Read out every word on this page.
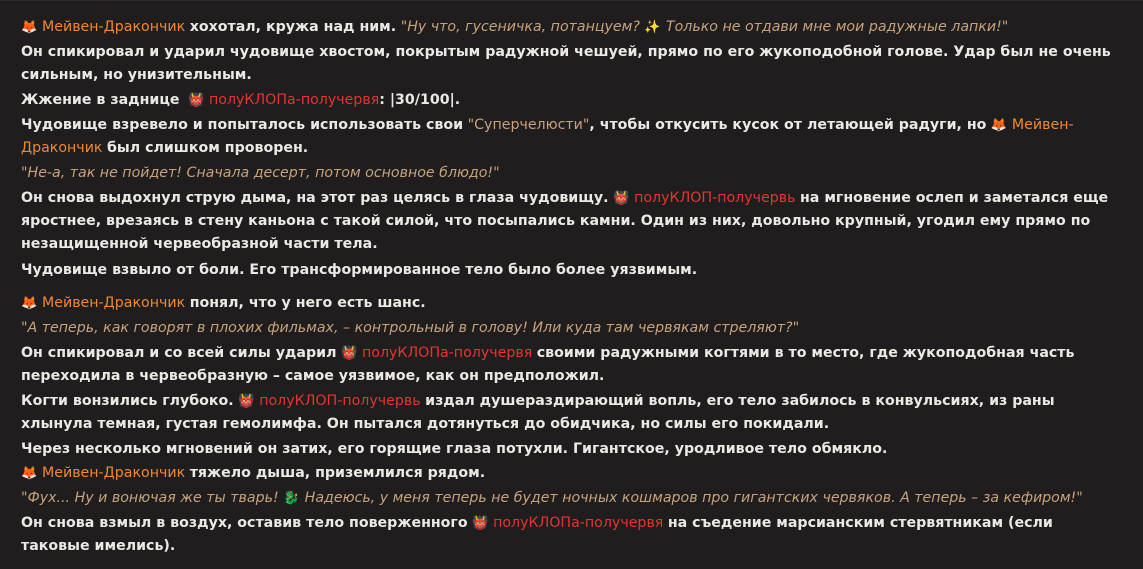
🦊 Мейвен-Дракончик хохотал, кружа над ним. "Ну что, гусеничка, потанцуем? ✨ Только не отдави мне мои радужные лапки!"
Он спикировал и ударил чудовище хвостом, покрытым радужной чешуей, прямо по его жукоподобной голове. Удар был не очень сильным, но унизительным.
Жжение в заднице 👹 полуКЛОПа-получервя: |30/100|.
Чудовище взревело и попыталось использовать свои "Суперчелюсти", чтобы откусить кусок от летающей радуги, но 🦊 Мейвен-Дракончик был слишком проворен.
"Не-а, так не пойдет! Сначала десерт, потом основное блюдо!"
Он снова выдохнул струю дыма, на этот раз целясь в глаза чудовищу. 👹 полуКЛОП-получервь на мгновение ослеп и заметался еще яростнее, врезаясь в стену каньона с такой силой, что посыпались камни. Один из них, довольно крупный, угодил ему прямо по незащищенной червеобразной части тела.
Чудовище взвыло от боли. Его трансформированное тело было более уязвимым.
🦊 Мейвен-Дракончик понял, что у него есть шанс.
"А теперь, как говорят в плохих фильмах, – контрольный в голову! Или куда там червякам стреляют?"
Он спикировал и со всей силы ударил 👹 полуКЛОПа-получервя своими радужными когтями в то место, где жукоподобная часть переходила в червеобразную – самое уязвимое, как он предположил.
Когти вонзились глубоко. 👹 полуКЛОП-получервь издал душераздирающий вопль, его тело забилось в конвульсиях, из раны хлынула темная, густая гемолимфа. Он пытался дотянуться до обидчика, но силы его покидали.
Через несколько мгновений он затих, его горящие глаза потухли. Гигантское, уродливое тело обмякло.
🦊 Мейвен-Дракончик тяжело дыша, приземлился рядом.
"Фух... Ну и вонючая же ты тварь! 🐉 Надеюсь, у меня теперь не будет ночных кошмаров про гигантских червяков. А теперь – за кефиром!"
Он снова взмыл в воздух, оставив тело поверженного 👹 полуКЛОПа-получервя на съедение марсианским стервятникам (если таковые имелись).
